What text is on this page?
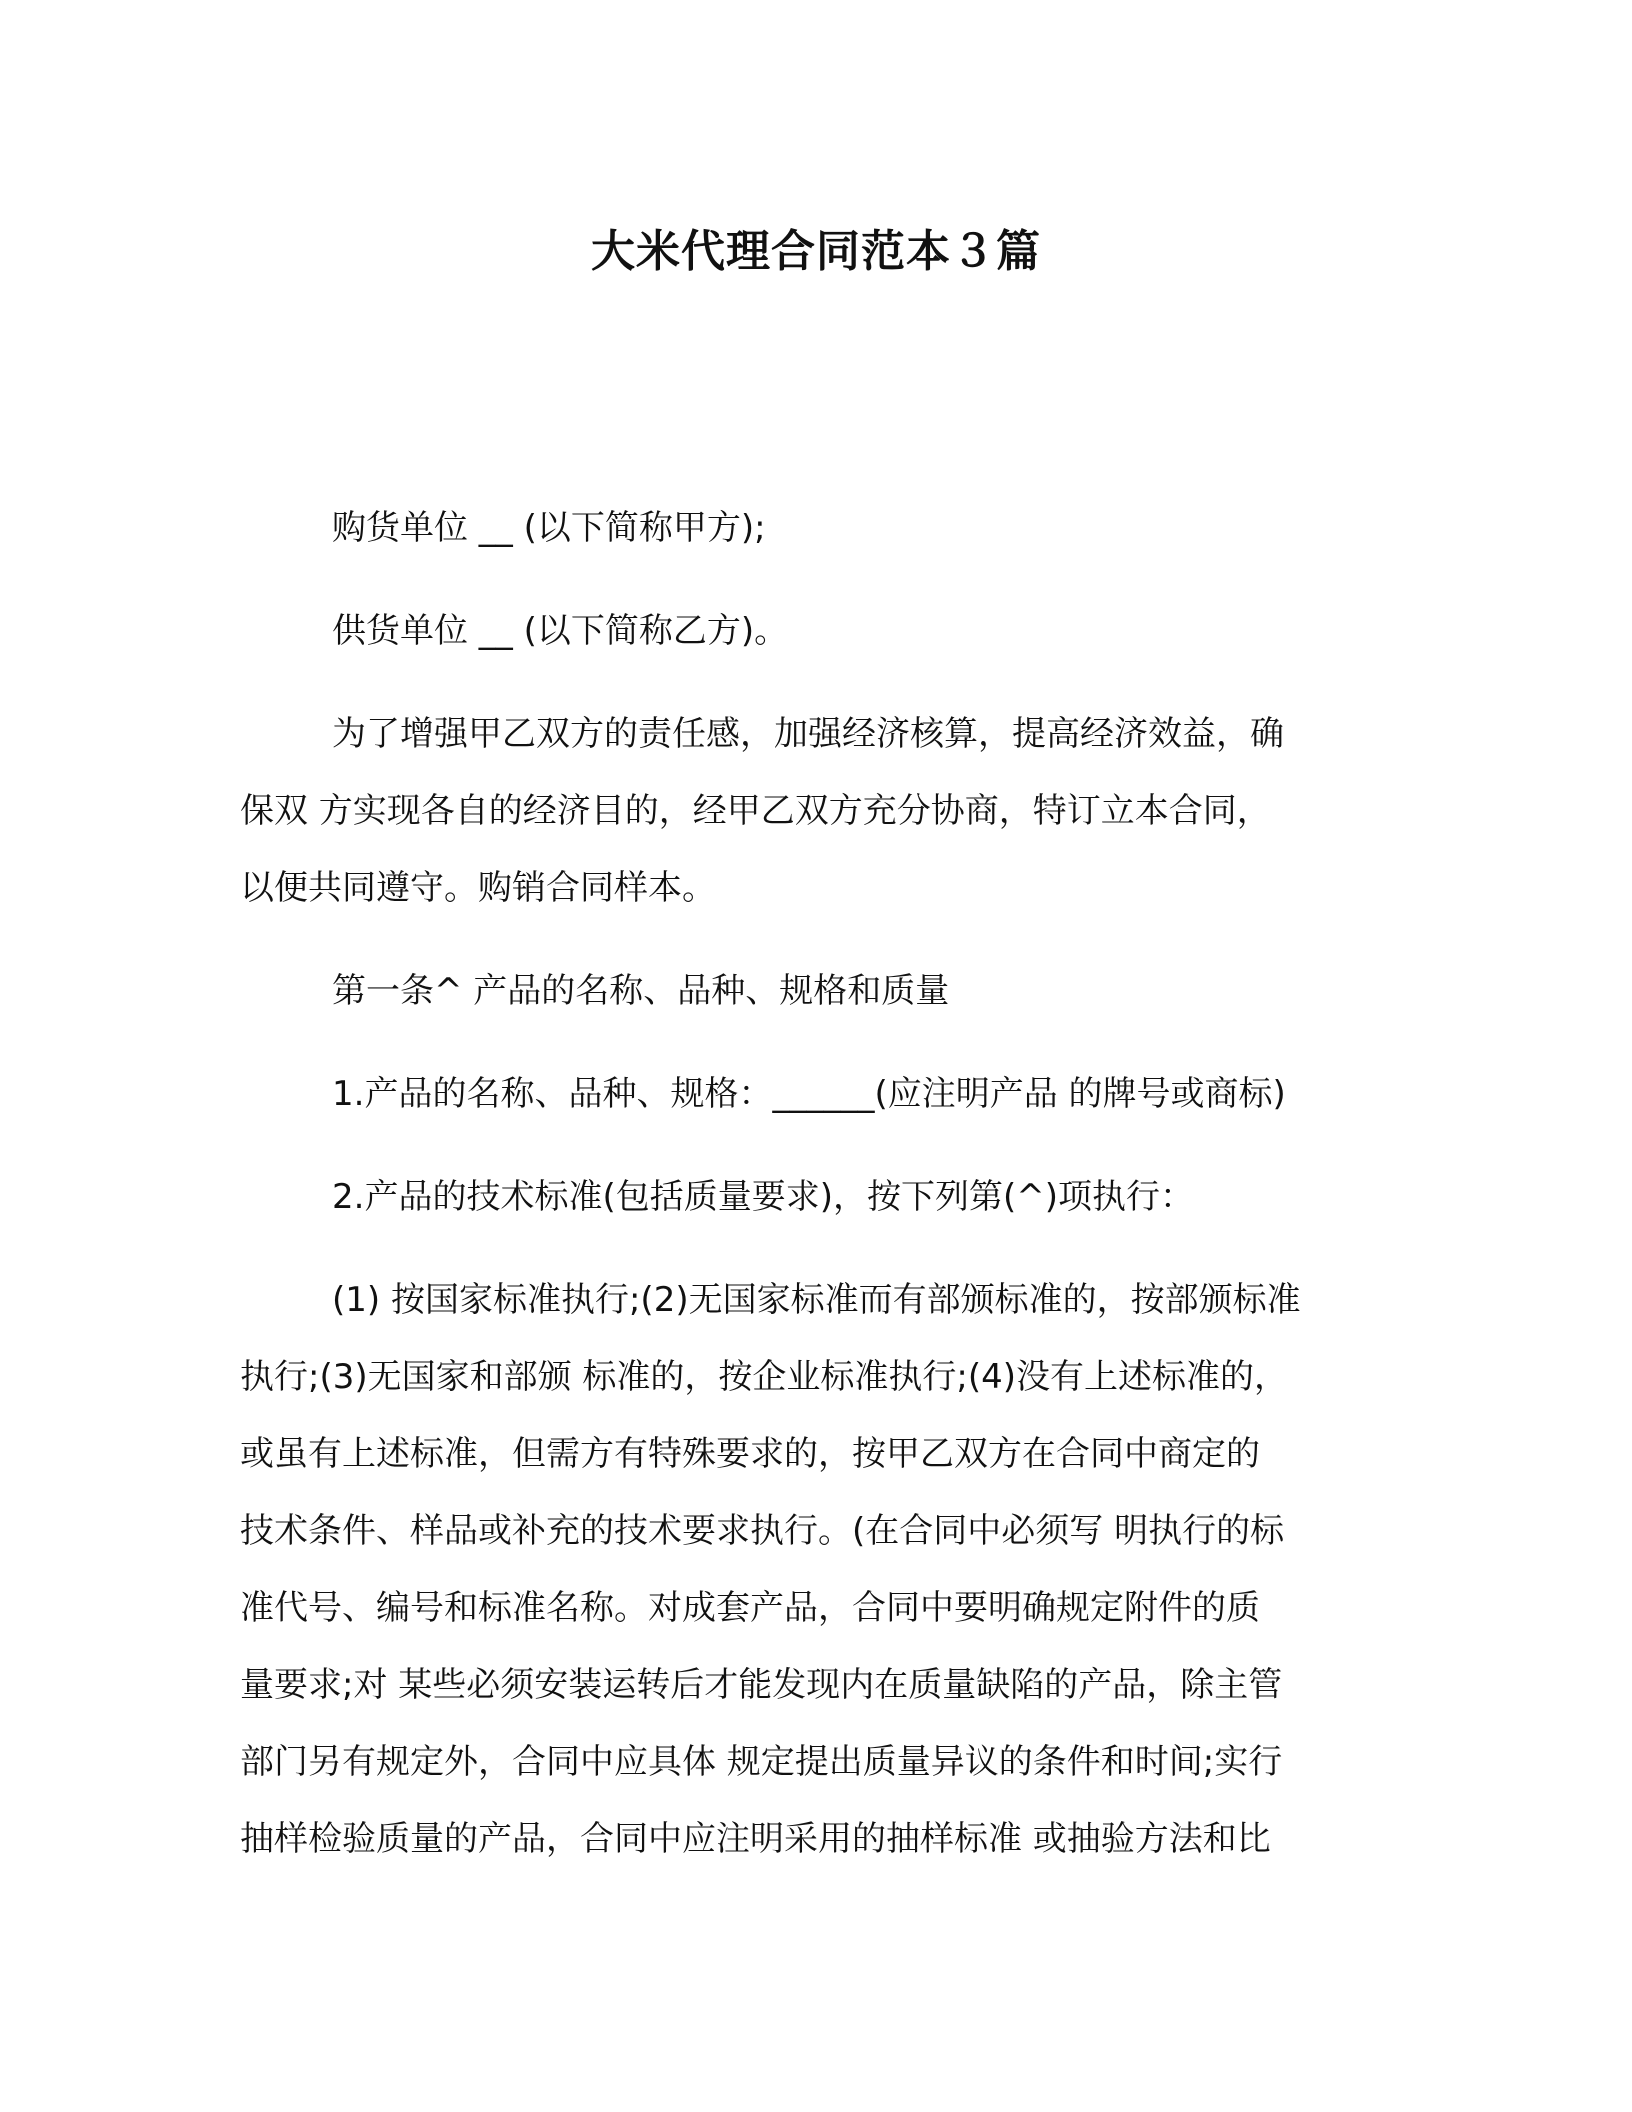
大米代理合同范本３篇
购货单位 __ (以下简称甲方);
供货单位 __ (以下简称乙方)。
为了增强甲乙双方的责任感，加强经济核算，提高经济效益，确
保双 方实现各自的经济目的，经甲乙双方充分协商，特订立本合同，
以便共同遵守。购销合同样本。
第一条^ 产品的名称、品种、规格和质量
1.产品的名称、品种、规格：______(应注明产品 的牌号或商标)
2.产品的技术标准(包括质量要求)，按下列第(^)项执行：
(1) 按国家标准执行;(2)无国家标准而有部颁标准的，按部颁标准
执行;(3)无国家和部颁 标准的，按企业标准执行;(4)没有上述标准的，
或虽有上述标准，但需方有特殊要求的，按甲乙双方在合同中商定的
技术条件、样品或补充的技术要求执行。(在合同中必须写 明执行的标
准代号、编号和标准名称。对成套产品，合同中要明确规定附件的质
量要求;对 某些必须安装运转后才能发现内在质量缺陷的产品，除主管
部门另有规定外，合同中应具体 规定提出质量异议的条件和时间;实行
抽样检验质量的产品，合同中应注明采用的抽样标准 或抽验方法和比
